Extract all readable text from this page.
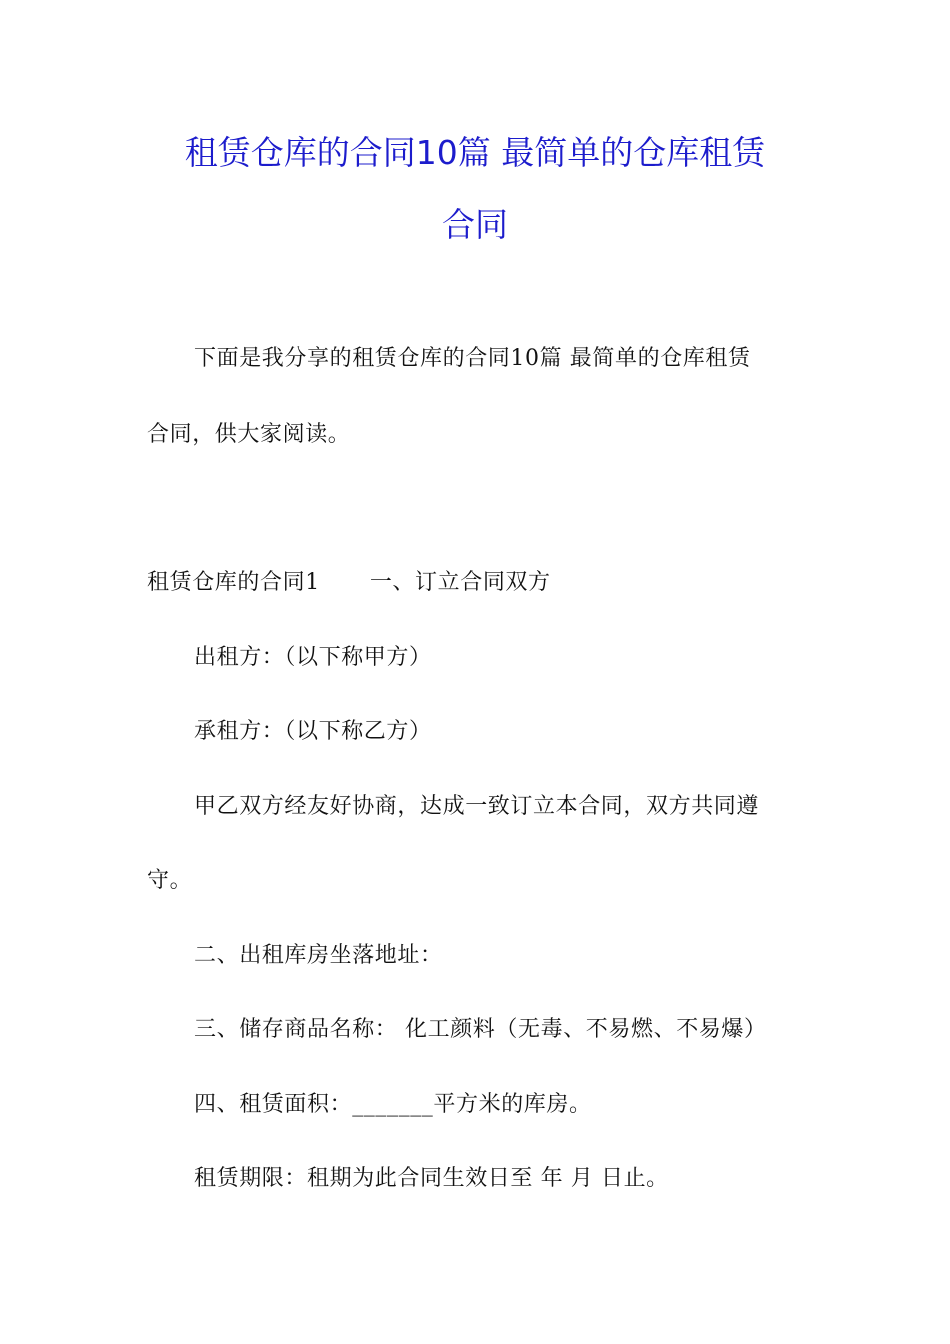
租赁仓库的合同10篇 最简单的仓库租赁
合同
下面是我分享的租赁仓库的合同10篇 最简单的仓库租赁
合同，供大家阅读。
租赁仓库的合同1 一、订立合同双方
出租方：（以下称甲方）
承租方：（以下称乙方）
甲乙双方经友好协商，达成一致订立本合同，双方共同遵
守。
二、出租库房坐落地址：
三、储存商品名称： 化工颜料（无毒、不易燃、不易爆）
四、租赁面积：_______平方米的库房。
租赁期限：租期为此合同生效日至 年 月 日止。
